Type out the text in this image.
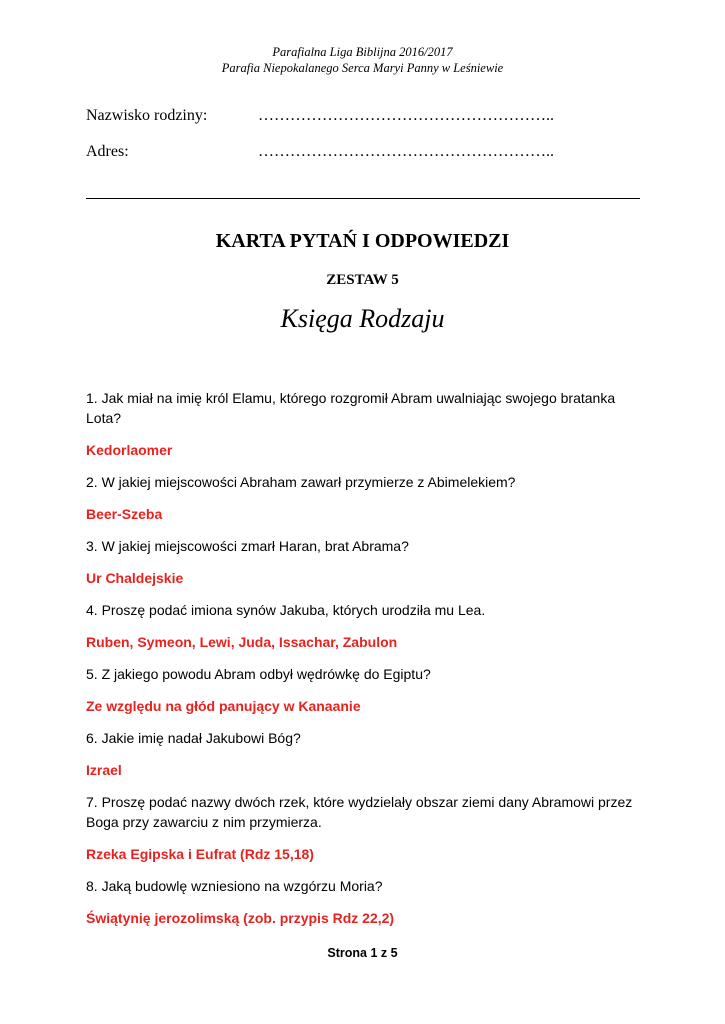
Parafialna Liga Biblijna 2016/2017
Parafia Niepokalanego Serca Maryi Panny w Leśniewie
Nazwisko rodziny:	………………………………………………..
Adres:	………………………………………………..
KARTA PYTAŃ I ODPOWIEDZI
ZESTAW 5
Księga Rodzaju

1. Jak miał na imię król Elamu, którego rozgromił Abram uwalniając swojego bratanka Lota?

Kedorlaomer

2. W jakiej miejscowości Abraham zawarł przymierze z Abimelekiem?

Beer-Szeba

3. W jakiej miejscowości zmarł Haran, brat Abrama?

Ur Chaldejskie

4. Proszę podać imiona synów Jakuba, których urodziła mu Lea.

Ruben, Symeon, Lewi, Juda, Issachar, Zabulon

5. Z jakiego powodu Abram odbył wędrówkę do Egiptu?

Ze względu na głód panujący w Kanaanie

6. Jakie imię nadał Jakubowi Bóg?

Izrael

7. Proszę podać nazwy dwóch rzek, które wydzielały obszar ziemi dany Abramowi przez Boga przy zawarciu z nim przymierza.

Rzeka Egipska i Eufrat (Rdz 15,18)

8. Jaką budowlę wzniesiono na wzgórzu Moria?

Świątynię jerozolimską (zob. przypis Rdz 22,2)

Strona 1 z 5
